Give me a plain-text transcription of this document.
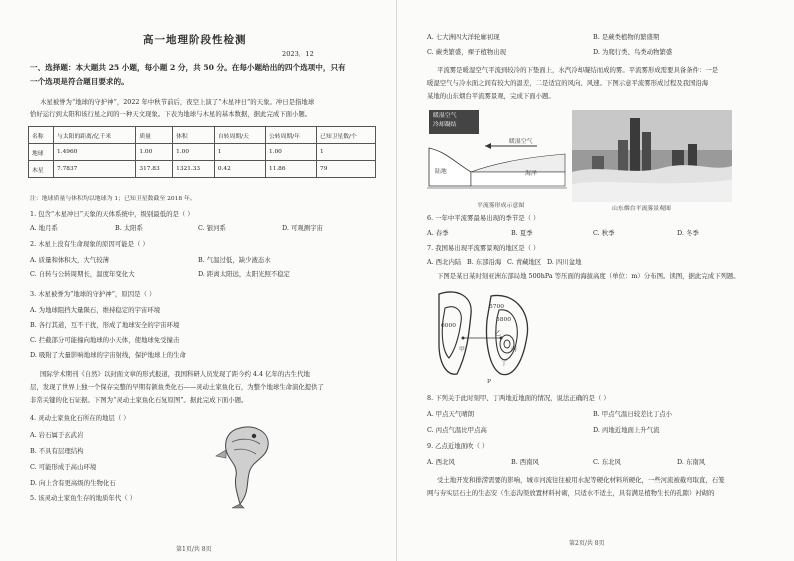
高一地理阶段性检测
2023．12
一、选择题：本大题共 25 小题，每小题 2 分，共 50 分。在每小题给出的四个选项中，只有
一个选项是符合题目要求的。
木星被誉为“地球的守护神”，2022 年中秋节前后，夜空上演了“木星冲日”的天象。冲日是指地球
恰好运行到太阳和该行星之间的一种天文现象。下表为地球与木星的基本数据，据此完成下面小题。
名称	与太阳的距离/亿千米	质量	体积	自转周期/天	公转周期/年	已知卫星数/个
地球	1.4960	1.00	1.00	1	1.00	1
木星	7.7837	317.83	1321.33	0.42	11.86	79
注：地球质量与体积均以地球为 1；已知卫星数截至 2018 年。
1. 包含“木星冲日”天象的天体系统中，级别最低的是（ ）
A. 地月系	B. 太阳系	C. 银河系	D. 可观测宇宙
2. 木星上没有生命现象的原因可能是（ ）
A. 质量和体积大，大气较薄	B. 气温过低，缺少液态水
C. 自转与公转周期长，温度年变化大	D. 距离太阳远，太阳光照不稳定
3. 木星被誉为“地球的守护神”，原因是（ ）
A. 为地球阻挡大量陨石，维持稳定的宇宙环境
B. 各行其道，互不干扰，形成了地球安全的宇宙环境
C. 拦截部分可能撞向地球的小天体，使地球免受撞击
D. 吸附了大量影响地球的宇宙射线，保护地球上的生命
国际学术期刊《自然》以封面文章的形式报道，我国科研人员发现了距今约 4.4 亿年的古生代地
层，发现了世界上独一个保存完整的早期有颌鱼类化石——灵动土家鱼化石，为整个地球生命演化提供了
非常关键的化石证据。下图为“灵动土家鱼化石复原图”。据此完成下面小题。
4. 灵动土家鱼化石所在的地层（ ）
A. 岩石属于玄武岩
B. 不具有层理结构
C. 可能形成于高山环境
D. 向上含有更高级的生物化石
5. 该灵动土家鱼生存的地质年代（ ）
第1页/共 8页
A. 七大洲四大洋轮廓初现	B. 是蕨类植物的繁盛期
C. 蕨类繁盛，裸子植物出现	D. 为爬行类、鸟类动物繁盛
平流雾是暖湿空气平流到较冷的下垫面上，水汽冷却凝结而成的雾。平流雾形成需要具备条件：一是
暖湿空气与冷水面之间有较大的温差，二是适宜的风向、风速。下图示意平流雾形成过程及我国沿海
某地的山东烟台平流雾景观，完成下面小题。
暖湿空气
冷却凝结
暖湿空气
海洋
陆地
平流雾形成示意图	山东烟台平流雾景观图
6. 一年中平流雾最易出现的季节是（ ）
A. 春季	B. 夏季	C. 秋季	D. 冬季
7. 我国易出现平流雾景观的地区是（ ）
A. 西北内陆 B. 东部沿海 C. 青藏地区 D. 四川盆地
下图是某日某时刻亚洲东部局地 500hPa 等压面的海拔高度（单位：m）分布图。读图，据此完成下列题。
5700
5800
6000
甲
乙
丙
丁
P
8. 下列关于此时刻甲、丁两地近地面的情况，说法正确的是（ ）
A. 甲点天气晴朗	B. 甲点气温日较差比丁点小
C. 丙点气温比甲点高	D. 丙地近地面上升气流
9. 乙点近地面吹（ ）
A. 西北风	B. 西南风	C. 东北风	D. 东南风
受土地开发和排涝需要的影响，城市河流往往被用水泥等硬化材料所硬化，一些河流被截弯取直，石笼
网与夯实层石土的生态安（生态沟渠放置材料衬砌，只适水不适土，具有满足植物生长的孔隙）衬砌的
第2页/共 8页
